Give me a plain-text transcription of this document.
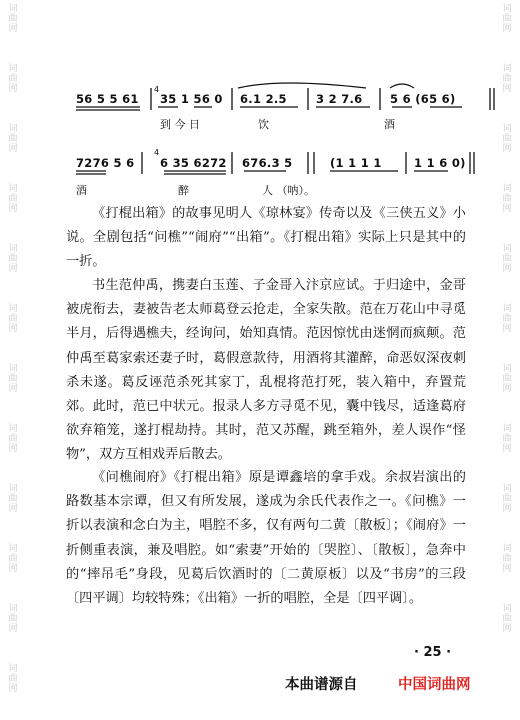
词
曲
网
词
曲
网
词
曲
网
词
曲
网
词
曲
网
词
曲
网
词
曲
网
词
曲
网
词
曲
网
词
曲
网
词
曲
网
词
曲
网
词
曲
网
词
曲
网
词
曲
网
词
曲
网
词
曲
网
词
曲
网
词
曲
网
词
曲
网
词
曲
网
词
曲
网
词
曲
网
4
4
56 5 5 61 35 1 56 0 6.1 2.5	3 2 7.6 5 6 (65 6)
到 今 日	饮	酒
7276 5 6 6 35 6272 676.3 5	(1 1 1 1	1 1 6 0)
酒	醉	人 （呐）。

《打棍出箱》的故事见明人《琼林宴》传奇以及《三侠五义》小说。全剧包括“问樵”“闹府”“出箱”。《打棍出箱》实际上只是其中的一折。

书生范仲禹，携妻白玉莲、子金哥入汴京应试。于归途中，金哥被虎衔去，妻被告老太师葛登云抢走，全家失散。范在万花山中寻觅半月，后得遇樵夫，经询问，始知真情。范因惊忧由迷惘而疯颠。范仲禹至葛家索还妻子时，葛假意款待，用酒将其灌醉，命恶奴深夜刺杀未遂。葛反诬范杀死其家丁，乱棍将范打死，装入箱中，弃置荒郊。此时，范已中状元。报录人多方寻觅不见，囊中钱尽，适逢葛府欲弃箱笼，遂打棍劫持。其时，范又苏醒，跳至箱外，差人误作“怪物”，双方互相戏弄后散去。

《问樵闹府》《打棍出箱》原是谭鑫培的拿手戏。余叔岩演出的路数基本宗谭，但又有所发展，遂成为余氏代表作之一。《问樵》一折以表演和念白为主，唱腔不多，仅有两句二黄〔散板〕；《闹府》一折侧重表演，兼及唱腔。如“索妻”开始的〔哭腔〕、〔散板〕，急奔中的“摔吊毛”身段，见葛后饮酒时的〔二黄原板〕以及“书房”的三段〔四平调〕均较特殊；《出箱》一折的唱腔，全是〔四平调〕。

· 25 ·
本曲谱源自	中国词曲网
